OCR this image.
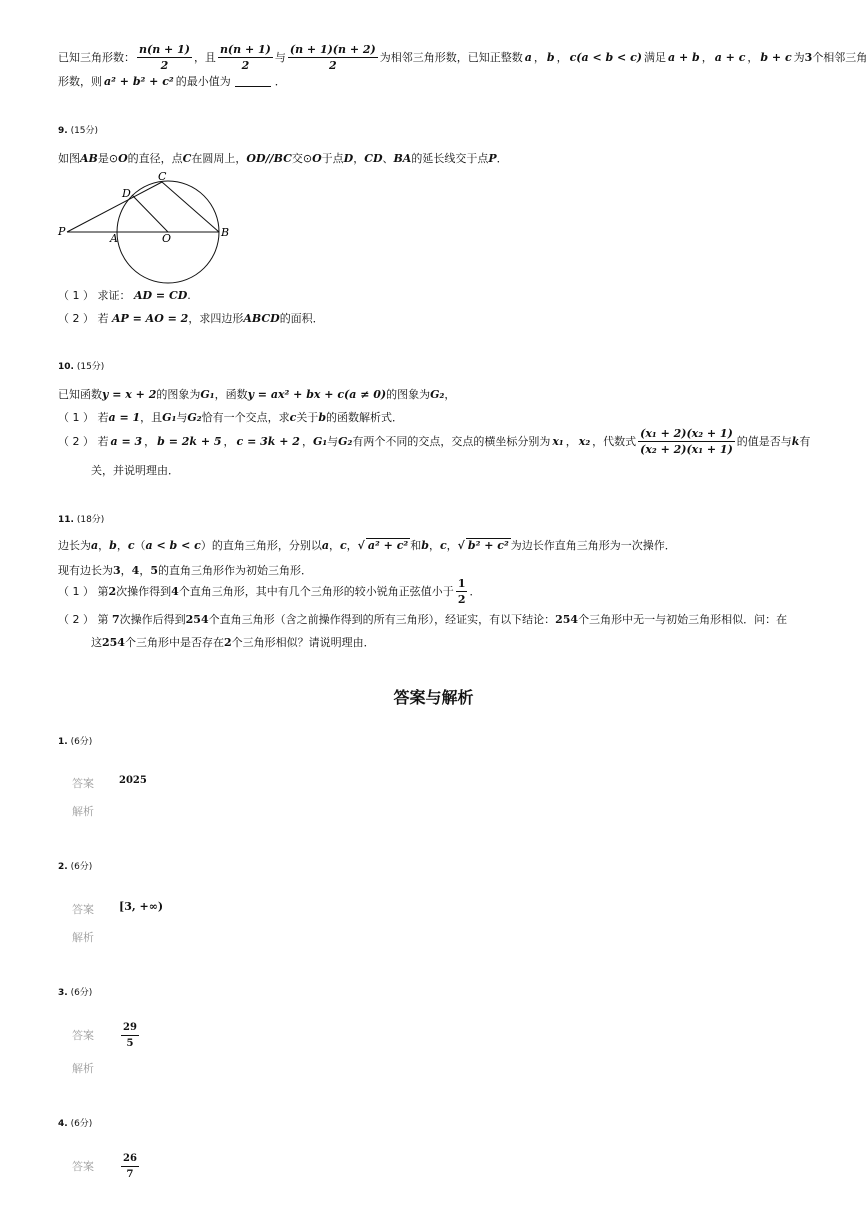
已知三角形数： $\frac{n(n + 1)}{2}$ ，且 $\frac{n(n + 1)}{2}$ 与 $\frac{(n + 1)(n + 2)}{2}$ 为相邻三角形数，已知正整数 a ， b ， c(a < b < c) 满足 a + b ， a + c ， b + c 为 3 个相邻三角
形数，则 a² + b² + c² 的最小值为	．
9. (15分)
如图AB是⊙O的直径，点C在圆周上，OD//BC交⊙O于点D，CD、BA的延长线交于点P．
P
A	O	B
C
D
（ 1 ） 求证： AD = CD.
（ 2 ） 若 AP = AO = 2，求四边形ABCD的面积．
10. (15分)
已知函数y = x + 2的图象为G₁，函数y = ax² + bx + c(a ≠ 0)的图象为G₂，
（ 1 ） 若a = 1，且G₁与G₂恰有一个交点，求c关于b的函数解析式．
（ 2 ）
若 a = 3 ， b = 2k + 5 ， c = 3k + 2 ， G₁ 与 G₂ 有两个不同的交点，交点的横坐标分别为 x₁ ， x₂ ，代数式 $\frac{\text{(x₁ + 2)(x₂ + 1)}}{\text{(x₂ + 2)(x₁ + 1)}}$ 的值是否与 k 有
关，并说明理由．
11. (18分)
边长为a，b，c（a < b < c）的直角三角形，分别以a，c，√ a² + c² 和b，c，√ b² + c² 为边长作直角三角形为一次操作．
现有边长为3，4，5的直角三角形作为初始三角形．
（ 1 ）
第 2 次操作得到 4 个直角三角形，其中有几个三角形的较小锐角正弦值小于 $\frac{1}{2}$ ．
（ 2 ） 第 7次操作后得到254个直角三角形（含之前操作得到的所有三角形），经证实，有以下结论：254个三角形中无一与初始三角形相似．问：在
这254个三角形中是否存在2个三角形相似？请说明理由．
答案与解析
1. (6分)
答案	2025
解析
2. (6分)
答案 [3, +∞)
解析
3. (6分)
答案	$\frac{29}{5}$
解析
4. (6分)
答案	$\frac{26}{7}$
